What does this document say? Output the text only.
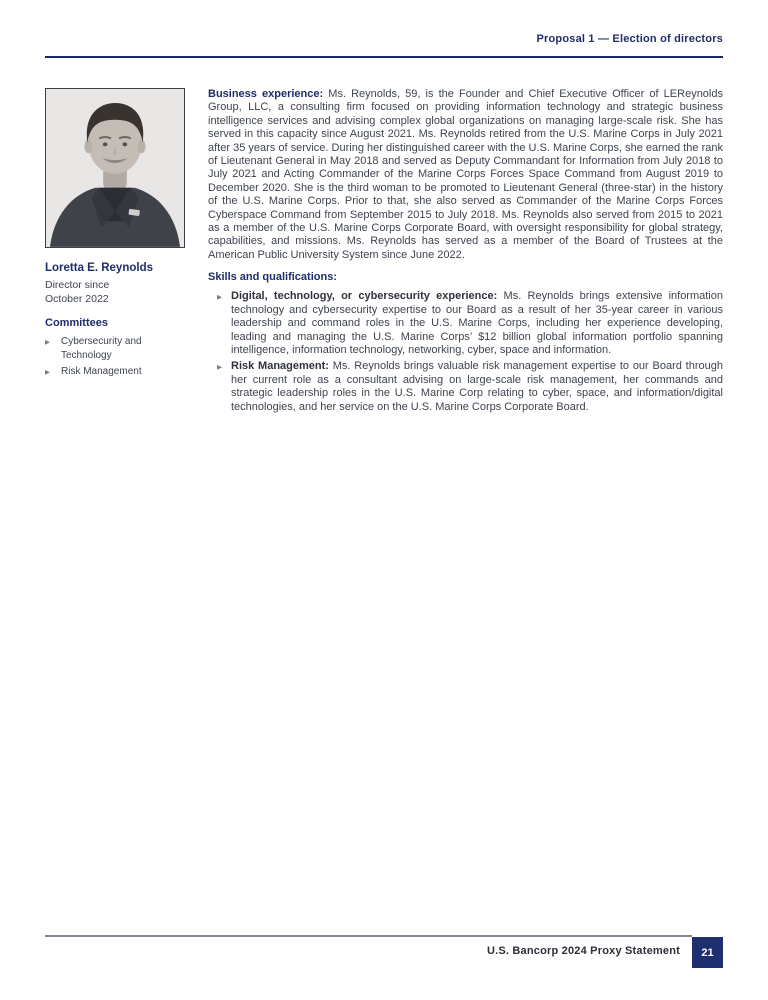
Proposal 1 — Election of directors
Loretta E. Reynolds
Director since
October 2022
Committees
▶	Cybersecurity and Technology
▶	Risk Management

Business experience: Ms. Reynolds, 59, is the Founder and Chief Executive Officer of LEReynolds Group, LLC, a consulting firm focused on providing information technology and strategic business intelligence services and advising complex global organizations on managing large-scale risk. She has served in this capacity since August 2021. Ms. Reynolds retired from the U.S. Marine Corps in July 2021 after 35 years of service. During her distinguished career with the U.S. Marine Corps, she earned the rank of Lieutenant General in May 2018 and served as Deputy Commandant for Information from July 2018 to July 2021 and Acting Commander of the Marine Corps Forces Space Command from August 2019 to December 2020. She is the third woman to be promoted to Lieutenant General (three-star) in the history of the U.S. Marine Corps. Prior to that, she also served as Commander of the Marine Corps Forces Cyberspace Command from September 2015 to July 2018. Ms. Reynolds also served from 2015 to 2021 as a member of the U.S. Marine Corps Corporate Board, with oversight responsibility for global strategy, capabilities, and missions. Ms. Reynolds has served as a member of the Board of Trustees at the American Public University System since June 2022.

Skills and qualifications:
▶ Digital, technology, or cybersecurity experience: Ms. Reynolds brings extensive information technology and cybersecurity expertise to our Board as a result of her 35-year career in various leadership and command roles in the U.S. Marine Corps, including her experience developing, leading and managing the U.S. Marine Corps’ $12 billion global information portfolio spanning intelligence, information technology, networking, cyber, space and information.
▶ Risk Management: Ms. Reynolds brings valuable risk management expertise to our Board through her current role as a consultant advising on large-scale risk management, her commands and strategic leadership roles in the U.S. Marine Corp relating to cyber, space, and information/digital technologies, and her service on the U.S. Marine Corps Corporate Board.
U.S. Bancorp 2024 Proxy Statement 21
